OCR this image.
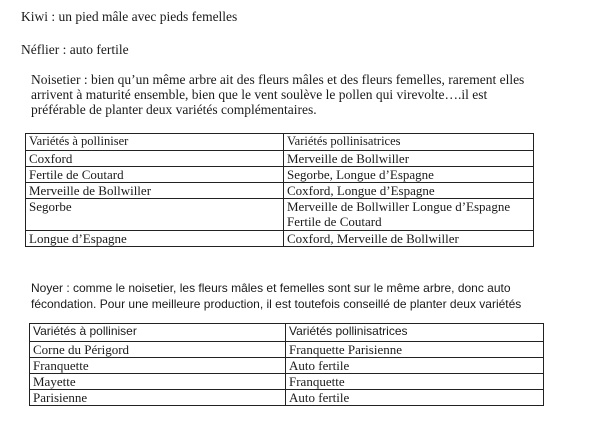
Kiwi : un pied mâle avec pieds femelles
Néflier : auto fertile
Noisetier : bien qu’un même arbre ait des fleurs mâles et des fleurs femelles, rarement elles
arrivent à maturité ensemble, bien que le vent soulève le pollen qui virevolte….il est
préférable de planter deux variétés complémentaires.
Variétés à polliniser	Variétés pollinisatrices
Coxford	Merveille de Bollwiller
Fertile de Coutard	Segorbe, Longue d’Espagne
Merveille de Bollwiller	Coxford, Longue d’Espagne
Segorbe	Merveille de Bollwiller Longue d’Espagne
Fertile de Coutard

Longue d’Espagne	Coxford, Merveille de Bollwiller
Noyer : comme le noisetier, les fleurs mâles et femelles sont sur le même arbre, donc auto
fécondation. Pour une meilleure production, il est toutefois conseillé de planter deux variétés
Variétés à polliniser	Variétés pollinisatrices
Corne du Périgord	Franquette Parisienne
Franquette	Auto fertile
Mayette	Franquette
Parisienne	Auto fertile
